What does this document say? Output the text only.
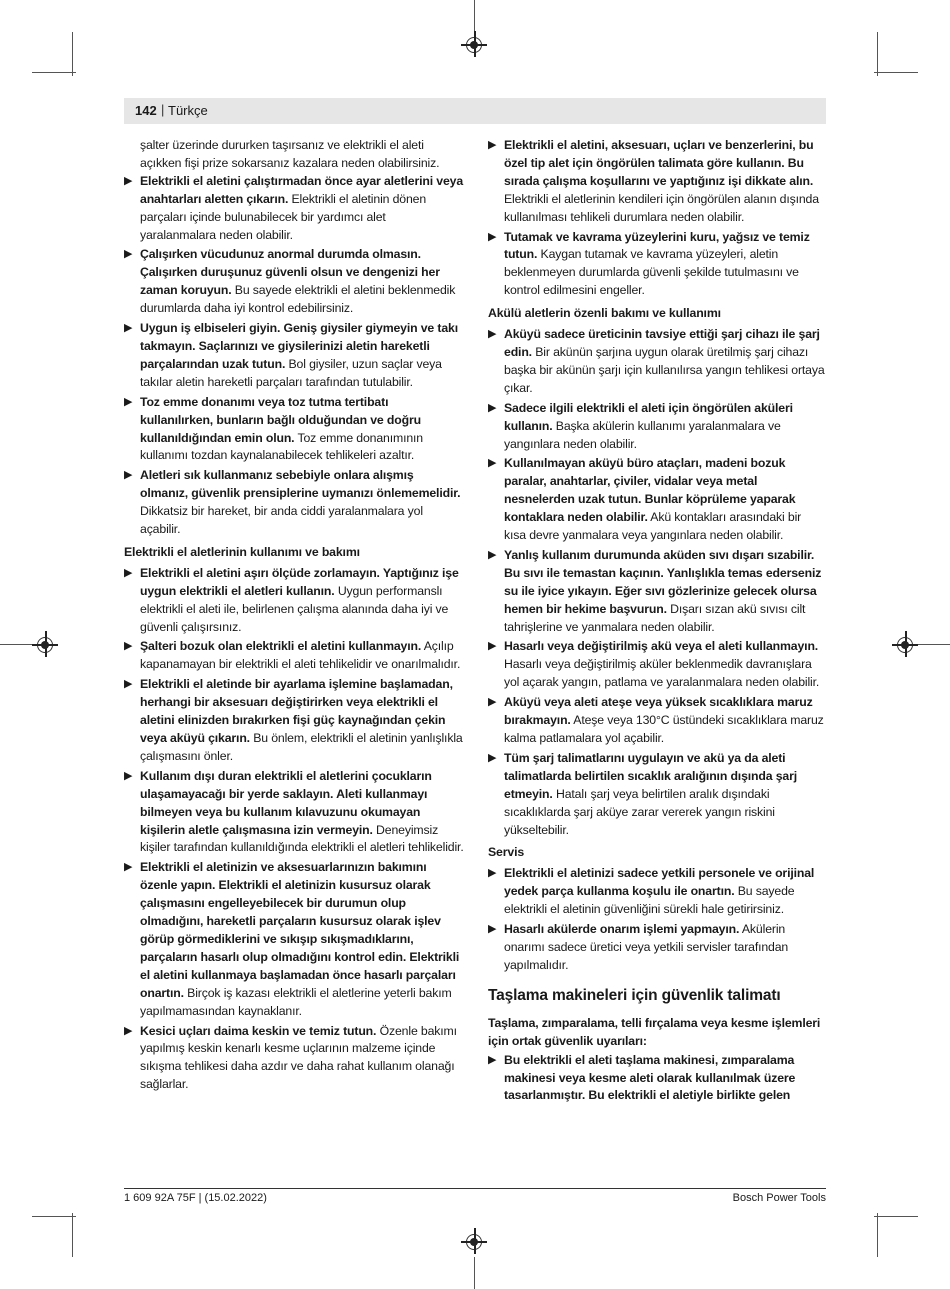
142 | Türkçe

şalter üzerinde dururken taşırsanız ve elektrikli el aleti açıkken fişi prize sokarsanız kazalara neden olabilirsiniz.

▶ Elektrikli el aletini çalıştırmadan önce ayar aletlerini veya anahtarları aletten çıkarın. Elektrikli el aletinin dönen parçaları içinde bulunabilecek bir yardımcı alet yaralanmalara neden olabilir.
▶ Çalışırken vücudunuz anormal durumda olmasın. Çalışırken duruşunuz güvenli olsun ve dengenizi her zaman koruyun. Bu sayede elektrikli el aletini beklenmedik durumlarda daha iyi kontrol edebilirsiniz.
▶ Uygun iş elbiseleri giyin. Geniş giysiler giymeyin ve takı takmayın. Saçlarınızı ve giysilerinizi aletin hareketli parçalarından uzak tutun. Bol giysiler, uzun saçlar veya takılar aletin hareketli parçaları tarafından tutulabilir.
▶ Toz emme donanımı veya toz tutma tertibatı kullanılırken, bunların bağlı olduğundan ve doğru kullanıldığından emin olun. Toz emme donanımının kullanımı tozdan kaynalanabilecek tehlikeleri azaltır.
▶ Aletleri sık kullanmanız sebebiyle onlara alışmış olmanız, güvenlik prensiplerine uymanızı önlememelidir. Dikkatsiz bir hareket, bir anda ciddi yaralanmalara yol açabilir.
Elektrikli el aletlerinin kullanımı ve bakımı
▶ Elektrikli el aletini aşırı ölçüde zorlamayın. Yaptığınız işe uygun elektrikli el aletleri kullanın. Uygun performanslı elektrikli el aleti ile, belirlenen çalışma alanında daha iyi ve güvenli çalışırsınız.
▶ Şalteri bozuk olan elektrikli el aletini kullanmayın. Açılıp kapanamayan bir elektrikli el aleti tehlikelidir ve onarılmalıdır.
▶ Elektrikli el aletinde bir ayarlama işlemine başlamadan, herhangi bir aksesuarı değiştirirken veya elektrikli el aletini elinizden bırakırken fişi güç kaynağından çekin veya aküyü çıkarın. Bu önlem, elektrikli el aletinin yanlışlıkla çalışmasını önler.
▶ Kullanım dışı duran elektrikli el aletlerini çocukların ulaşamayacağı bir yerde saklayın. Aleti kullanmayı bilmeyen veya bu kullanım kılavuzunu okumayan kişilerin aletle çalışmasına izin vermeyin. Deneyimsiz kişiler tarafından kullanıldığında elektrikli el aletleri tehlikelidir.
▶ Elektrikli el aletinizin ve aksesuarlarınızın bakımını özenle yapın. Elektrikli el aletinizin kusursuz olarak çalışmasını engelleyebilecek bir durumun olup olmadığını, hareketli parçaların kusursuz olarak işlev görüp görmediklerini ve sıkışıp sıkışmadıklarını, parçaların hasarlı olup olmadığını kontrol edin. Elektrikli el aletini kullanmaya başlamadan önce hasarlı parçaları onartın. Birçok iş kazası elektrikli el aletlerine yeterli bakım yapılmamasından kaynaklanır.
▶ Kesici uçları daima keskin ve temiz tutun. Özenle bakımı yapılmış keskin kenarlı kesme uçlarının malzeme içinde sıkışma tehlikesi daha azdır ve daha rahat kullanım olanağı sağlarlar.
▶ Elektrikli el aletini, aksesuarı, uçları ve benzerlerini, bu özel tip alet için öngörülen talimata göre kullanın. Bu sırada çalışma koşullarını ve yaptığınız işi dikkate alın. Elektrikli el aletlerinin kendileri için öngörülen alanın dışında kullanılması tehlikeli durumlara neden olabilir.
▶ Tutamak ve kavrama yüzeylerini kuru, yağsız ve temiz tutun. Kaygan tutamak ve kavrama yüzeyleri, aletin beklenmeyen durumlarda güvenli şekilde tutulmasını ve kontrol edilmesini engeller.
Akülü aletlerin özenli bakımı ve kullanımı
▶ Aküyü sadece üreticinin tavsiye ettiği şarj cihazı ile şarj edin. Bir akünün şarjına uygun olarak üretilmiş şarj cihazı başka bir akünün şarjı için kullanılırsa yangın tehlikesi ortaya çıkar.
▶ Sadece ilgili elektrikli el aleti için öngörülen aküleri kullanın. Başka akülerin kullanımı yaralanmalara ve yangınlara neden olabilir.
▶ Kullanılmayan aküyü büro ataçları, madeni bozuk paralar, anahtarlar, çiviler, vidalar veya metal nesnelerden uzak tutun. Bunlar köprüleme yaparak kontaklara neden olabilir. Akü kontakları arasındaki bir kısa devre yanmalara veya yangınlara neden olabilir.
▶ Yanlış kullanım durumunda aküden sıvı dışarı sızabilir. Bu sıvı ile temastan kaçının. Yanlışlıkla temas ederseniz su ile iyice yıkayın. Eğer sıvı gözlerinize gelecek olursa hemen bir hekime başvurun. Dışarı sızan akü sıvısı cilt tahrişlerine ve yanmalara neden olabilir.
▶ Hasarlı veya değiştirilmiş akü veya el aleti kullanmayın. Hasarlı veya değiştirilmiş aküler beklenmedik davranışlara yol açarak yangın, patlama ve yaralanmalara neden olabilir.
▶ Aküyü veya aleti ateşe veya yüksek sıcaklıklara maruz bırakmayın. Ateşe veya 130°C üstündeki sıcaklıklara maruz kalma patlamalara yol açabilir.
▶ Tüm şarj talimatlarını uygulayın ve akü ya da aleti talimatlarda belirtilen sıcaklık aralığının dışında şarj etmeyin. Hatalı şarj veya belirtilen aralık dışındaki sıcaklıklarda şarj aküye zarar vererek yangın riskini yükseltebilir.
Servis
▶ Elektrikli el aletinizi sadece yetkili personele ve orijinal yedek parça kullanma koşulu ile onartın. Bu sayede elektrikli el aletinin güvenliğini sürekli hale getirirsiniz.
▶ Hasarlı akülerde onarım işlemi yapmayın. Akülerin onarımı sadece üretici veya yetkili servisler tarafından yapılmalıdır.
Taşlama makineleri için güvenlik talimatı
Taşlama, zımparalama, telli fırçalama veya kesme işlemleri için ortak güvenlik uyarıları:
▶ Bu elektrikli el aleti taşlama makinesi, zımparalama makinesi veya kesme aleti olarak kullanılmak üzere tasarlanmıştır. Bu elektrikli el aletiyle birlikte gelen
1 609 92A 75F | (15.02.2022)	Bosch Power Tools
